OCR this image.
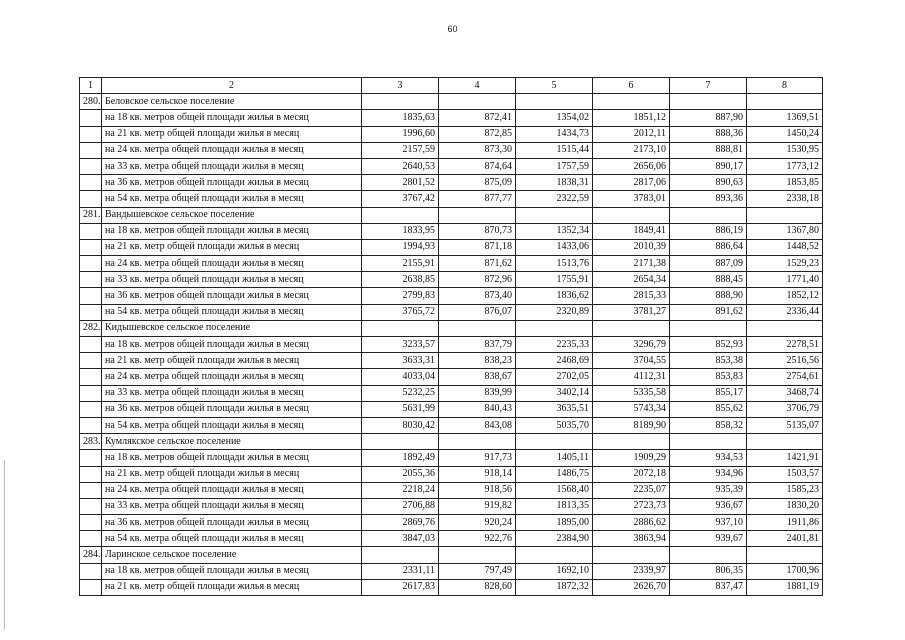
60
1	2	3	4	5	6	7	8
280.	Беловское сельское поселение						
	на 18 кв. метров общей площади жилья в месяц	1835,63	872,41	1354,02	1851,12	887,90	1369,51
	на 21 кв. метр общей площади жилья в месяц	1996,60	872,85	1434,73	2012,11	888,36	1450,24
	на 24 кв. метра общей площади жилья в месяц	2157,59	873,30	1515,44	2173,10	888,81	1530,95
	на 33 кв. метра общей площади жилья в месяц	2640,53	874,64	1757,59	2656,06	890,17	1773,12
	на 36 кв. метров общей площади жилья в месяц	2801,52	875,09	1838,31	2817,06	890,63	1853,85
	на 54 кв. метра общей площади жилья в месяц	3767,42	877,77	2322,59	3783,01	893,36	2338,18
281.	Вандышевское сельское поселение						
	на 18 кв. метров общей площади жилья в месяц	1833,95	870,73	1352,34	1849,41	886,19	1367,80
	на 21 кв. метр общей площади жилья в месяц	1994,93	871,18	1433,06	2010,39	886,64	1448,52
	на 24 кв. метра общей площади жилья в месяц	2155,91	871,62	1513,76	2171,38	887,09	1529,23
	на 33 кв. метра общей площади жилья в месяц	2638,85	872,96	1755,91	2654,34	888,45	1771,40
	на 36 кв. метров общей площади жилья в месяц	2799,83	873,40	1836,62	2815,33	888,90	1852,12
	на 54 кв. метра общей площади жилья в месяц	3765,72	876,07	2320,89	3781,27	891,62	2336,44
282.	Кидышевское сельское поселение						
	на 18 кв. метров общей площади жилья в месяц	3233,57	837,79	2235,33	3296,79	852,93	2278,51
	на 21 кв. метр общей площади жилья в месяц	3633,31	838,23	2468,69	3704,55	853,38	2516,56
	на 24 кв. метра общей площади жилья в месяц	4033,04	838,67	2702,05	4112,31	853,83	2754,61
	на 33 кв. метра общей площади жилья в месяц	5232,25	839,99	3402,14	5335,58	855,17	3468,74
	на 36 кв. метров общей площади жилья в месяц	5631,99	840,43	3635,51	5743,34	855,62	3706,79
	на 54 кв. метра общей площади жилья в месяц	8030,42	843,08	5035,70	8189,90	858,32	5135,07
283.	Кумлякское сельское поселение						
	на 18 кв. метров общей площади жилья в месяц	1892,49	917,73	1405,11	1909,29	934,53	1421,91
	на 21 кв. метр общей площади жилья в месяц	2055,36	918,14	1486,75	2072,18	934,96	1503,57
	на 24 кв. метра общей площади жилья в месяц	2218,24	918,56	1568,40	2235,07	935,39	1585,23
	на 33 кв. метра общей площади жилья в месяц	2706,88	919,82	1813,35	2723,73	936,67	1830,20
	на 36 кв. метров общей площади жилья в месяц	2869,76	920,24	1895,00	2886,62	937,10	1911,86
	на 54 кв. метра общей площади жилья в месяц	3847,03	922,76	2384,90	3863,94	939,67	2401,81
284.	Ларинское сельское поселение						
	на 18 кв. метров общей площади жилья в месяц	2331,11	797,49	1692,10	2339,97	806,35	1700,96
	на 21 кв. метр общей площади жилья в месяц	2617,83	828,60	1872,32	2626,70	837,47	1881,19
